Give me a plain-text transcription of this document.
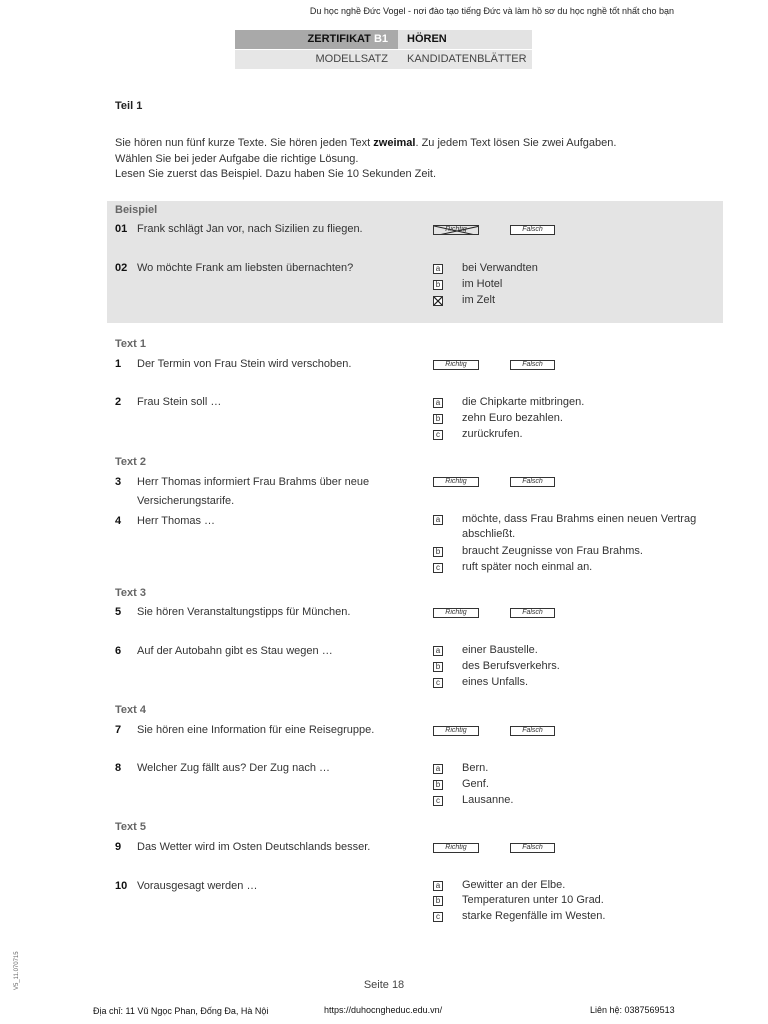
Du học nghề Đức Vogel - nơi đào tạo tiếng Đức và làm hồ sơ du học nghề tốt nhất cho bạn
ZERTIFIKAT B1	HÖREN
MODELLSATZ	KANDIDATENBLÄTTER
Teil 1
Sie hören nun fünf kurze Texte. Sie hören jeden Text zweimal. Zu jedem Text lösen Sie zwei Aufgaben.
Wählen Sie bei jeder Aufgabe die richtige Lösung.
Lesen Sie zuerst das Beispiel. Dazu haben Sie 10 Sekunden Zeit.
Beispiel
01 Frank schlägt Jan vor, nach Sizilien zu fliegen.	Richtig	Falsch
02 Wo möchte Frank am liebsten übernachten?	a bei Verwandten
b im Hotel
im Zelt
Text 1
1 Der Termin von Frau Stein wird verschoben.	Richtig	Falsch
2 Frau Stein soll …	a die Chipkarte mitbringen.
b zehn Euro bezahlen.
c zurückrufen.
Text 2
3 Herr Thomas informiert Frau Brahms über neue
Versicherungstarife.
Richtig	Falsch
4 Herr Thomas …	a möchte, dass Frau Brahms einen neuen Vertrag
abschließt.
b braucht Zeugnisse von Frau Brahms.
c ruft später noch einmal an.
Text 3
5 Sie hören Veranstaltungstipps für München.	Richtig	Falsch
6 Auf der Autobahn gibt es Stau wegen …	a einer Baustelle.
b des Berufsverkehrs.
c eines Unfalls.
Text 4
7 Sie hören eine Information für eine Reisegruppe.	Richtig	Falsch
8 Welcher Zug fällt aus? Der Zug nach …	a Bern.
b Genf.
c Lausanne.
Text 5
9 Das Wetter wird im Osten Deutschlands besser.	Richtig	Falsch
10 Vorausgesagt werden …	a Gewitter an der Elbe.
b Temperaturen unter 10 Grad.
c starke Regenfälle im Westen.
V5_11.070715	Seite 18
Địa chỉ: 11 Vũ Ngọc Phan, Đống Đa, Hà Nội	https://duhocngheduc.edu.vn/	Liên hệ: 0387569513
